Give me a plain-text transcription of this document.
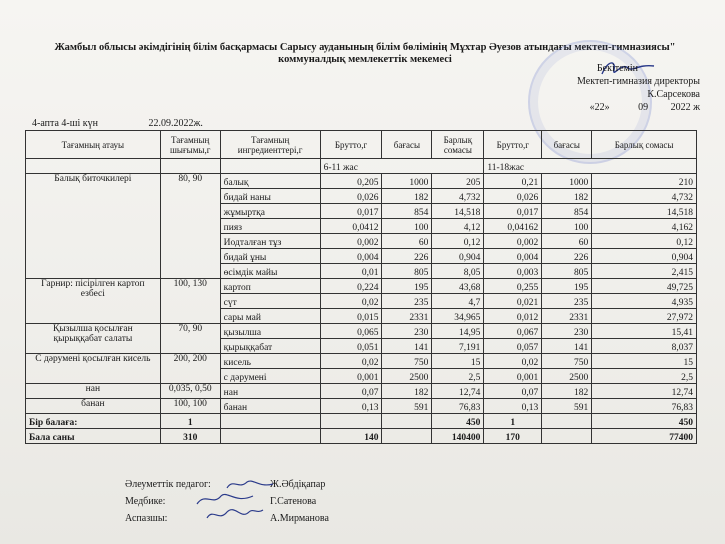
Жамбыл облысы әкімдігінің білім басқармасы Сарысу ауданының білім бөлімінің Мұхтар Әуезов атындағы мектеп-гимназиясы"
коммуналдық мемлекеттік мекемесі
Бекітемін
Мектеп-гимназия директоры
К.Сарсекова
«22»	09 2022 ж
4-апта 4-ші күн	22.09.2022ж.
Тағамның атауы	Тағамның шығымы,г	Тағамның ингредиенттері,г	Брутто,г	бағасы	Барлық сомасы	Брутто,г	бағасы	Барлық сомасы
			6-11 жас			11-18жас		
Балық биточкилері	80, 90	балық	0,205	1000	205	0,21	1000	210
		бидай наны	0,026	182	4,732	0,026	182	4,732
		жұмыртқа	0,017	854	14,518	0,017	854	14,518
		пияз	0,0412	100	4,12	0,04162	100	4,162
		Иодталған тұз	0,002	60	0,12	0,002	60	0,12
		бидай ұны	0,004	226	0,904	0,004	226	0,904
		өсімдік майы	0,01	805	8,05	0,003	805	2,415
Гарнир: пісірілген картоп езбесі	100, 130	картоп	0,224	195	43,68	0,255	195	49,725
		сүт	0,02	235	4,7	0,021	235	4,935
		сары май	0,015	2331	34,965	0,012	2331	27,972
Қызылша қосылған қырыққабат салаты	70, 90	қызылша	0,065	230	14,95	0,067	230	15,41
		қырыққабат	0,051	141	7,191	0,057	141	8,037
С дәрумені қосылған кисель	200, 200	кисель	0,02	750	15	0,02	750	15
		с дәрумені	0,001	2500	2,5	0,001	2500	2,5
нан	0,035, 0,50	нан	0,07	182	12,74	0,07	182	12,74
банан	100, 100	банан	0,13	591	76,83	0,13	591	76,83
Бір балаға:	1				450	1		450
Бала саны	310		140		140400	170		77400
Әлеуметтік педагог:	Ж.Әбдіқапар
Медбике:	Г.Сатенова
Аспазшы:	А.Мирманова
